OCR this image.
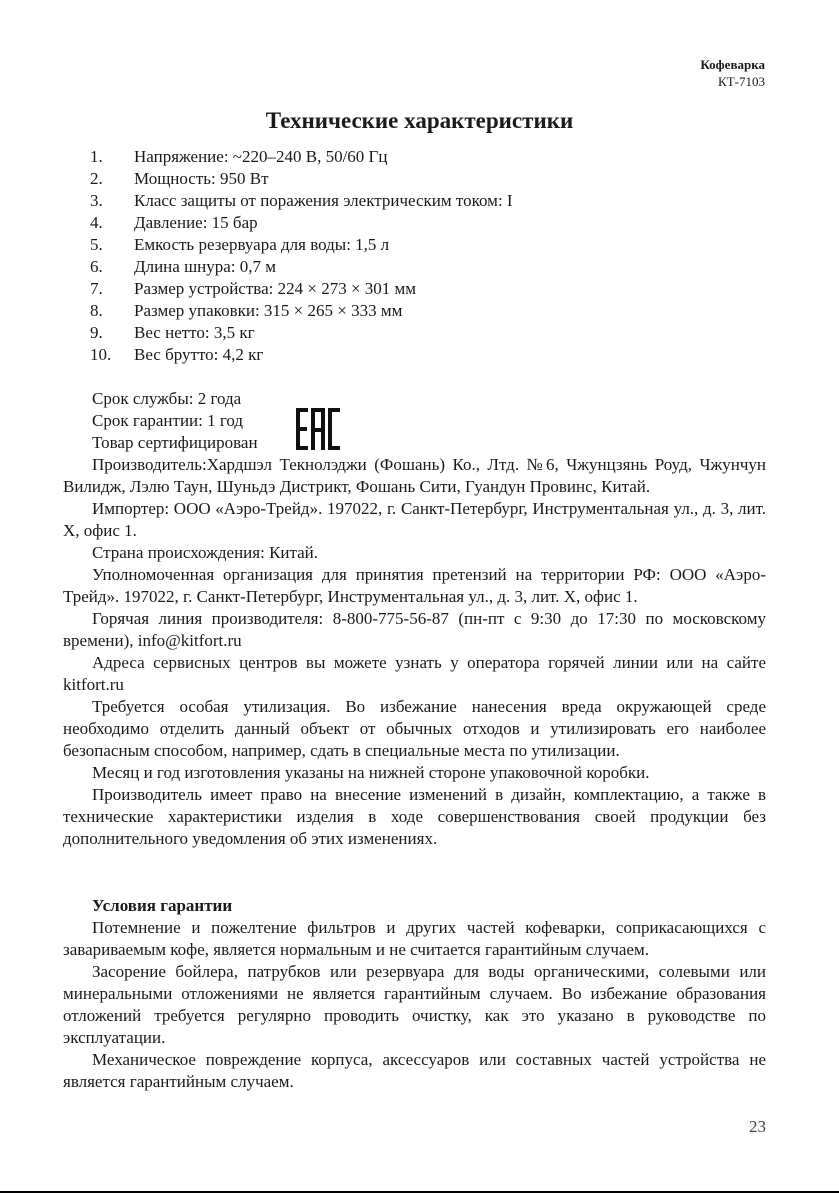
Кофеварка
КТ-7103
Технические характеристики
1. Напряжение: ~220–240 В, 50/60 Гц
2. Мощность: 950 Вт
3. Класс защиты от поражения электрическим током: I
4. Давление: 15 бар
5. Емкость резервуара для воды: 1,5 л
6. Длина шнура: 0,7 м
7. Размер устройства: 224 × 273 × 301 мм
8. Размер упаковки: 315 × 265 × 333 мм
9. Вес нетто: 3,5 кг
10. Вес брутто: 4,2 кг
Срок службы: 2 года
Срок гарантии: 1 год
Товар сертифицирован

Производитель:Хардшэл Текнолэджи (Фошань) Ко., Лтд. №6, Чжунцзянь Роуд, Чжунчун Вилидж, Лэлю Таун, Шуньдэ Дистрикт, Фошань Сити, Гуандун Провинс, Китай.

Импортер: ООО «Аэро-Трейд». 197022, г. Санкт-Петербург, Инструментальная ул., д. 3, лит. Х, офис 1.

Страна происхождения: Китай.

Уполномоченная организация для принятия претензий на территории РФ: ООО «Аэро-Трейд». 197022, г. Санкт-Петербург, Инструментальная ул., д. 3, лит. Х, офис 1.

Горячая линия производителя: 8-800-775-56-87 (пн-пт с 9:30 до 17:30 по московскому времени), info@kitfort.ru

Адреса сервисных центров вы можете узнать у оператора горячей линии или на сайте kitfort.ru

Требуется особая утилизация. Во избежание нанесения вреда окружающей среде необходимо отделить данный объект от обычных отходов и утилизировать его наиболее безопасным способом, например, сдать в специальные места по утилизации.

Месяц и год изготовления указаны на нижней стороне упаковочной коробки.

Производитель имеет право на внесение изменений в дизайн, комплектацию, а также в технические характеристики изделия в ходе совершенствования своей продукции без дополнительного уведомления об этих изменениях.

Условия гарантии

Потемнение и пожелтение фильтров и других частей кофеварки, соприкасающихся с завариваемым кофе, является нормальным и не считается гарантийным случаем.

Засорение бойлера, патрубков или резервуара для воды органическими, солевыми или минеральными отложениями не является гарантийным случаем. Во избежание образования отложений требуется регулярно проводить очистку, как это указано в руководстве по эксплуатации.

Механическое повреждение корпуса, аксессуаров или составных частей устройства не является гарантийным случаем.

23
